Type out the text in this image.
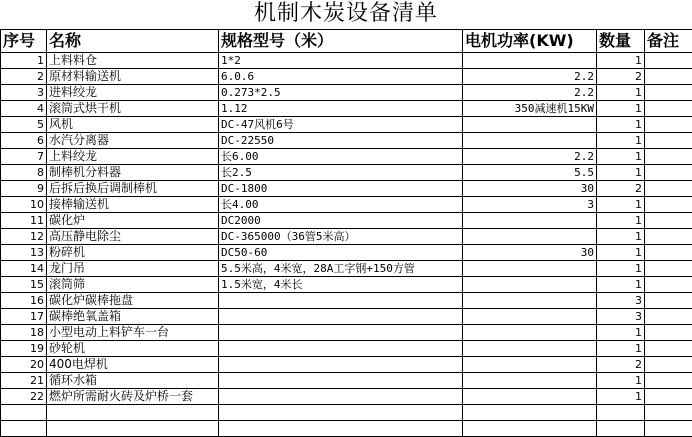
机制木炭设备清单
序号	名称	规格型号（米）	电机功率(KW)	数量	备注
1	上料料仓	1*2		1	
2	原材料输送机	6.0.6	2.2	2	
3	进料绞龙	0.273*2.5	2.2	1	
4	滚筒式烘干机	1.12	350减速机15KW	1	
5	风机	DC-47风机6号		1	
6	水汽分离器	DC-22550		1	
7	上料绞龙	长6.00	2.2	1	
8	制棒机分料器	长2.5	5.5	1	
9	后拆后换后调制棒机	DC-1800	30	2	
10	接棒输送机	长4.00	3	1	
11	碳化炉	DC2000		1	
12	高压静电除尘	DC-365000（36管5米高）		1	
13	粉碎机	DC50-60	30	1	
14	龙门吊	5.5米高，4米宽，28A工字钢+150方管		1	
15	滚筒筛	1.5米宽，4米长		1	
16	碳化炉碳棒拖盘			3	
17	碳棒绝氧盖箱			3	
18	小型电动上料铲车一台			1	
19	砂轮机			1	
20	400电焊机			2	
21	循环水箱			1	
22	燃炉所需耐火砖及炉桥一套			1	
